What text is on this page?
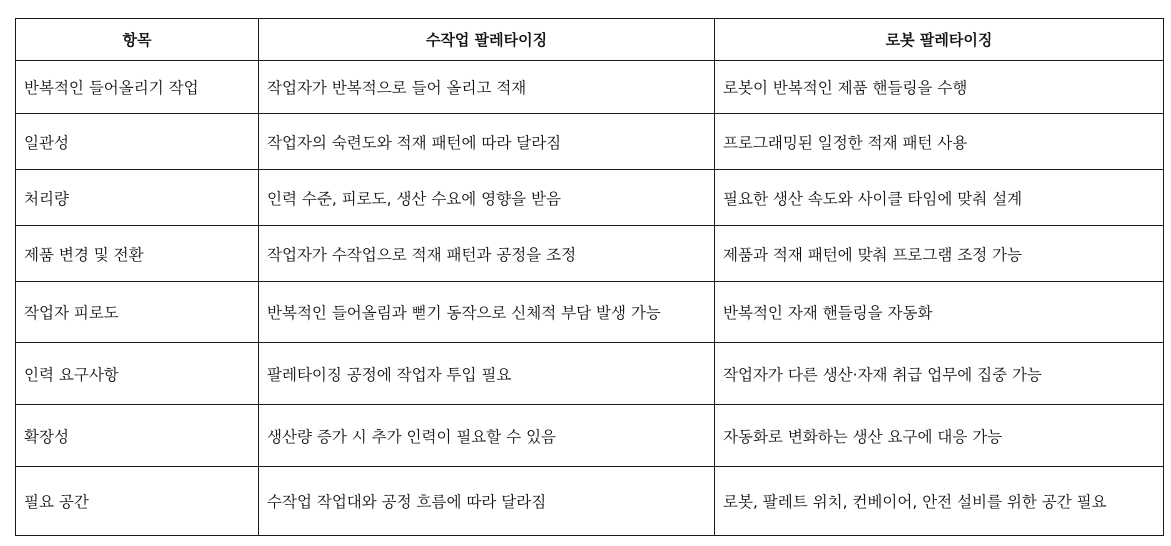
항목	수작업 팔레타이징	로봇 팔레타이징
반복적인 들어올리기 작업	작업자가 반복적으로 들어 올리고 적재	로봇이 반복적인 제품 핸들링을 수행
일관성	작업자의 숙련도와 적재 패턴에 따라 달라짐	프로그래밍된 일정한 적재 패턴 사용
처리량	인력 수준, 피로도, 생산 수요에 영향을 받음	필요한 생산 속도와 사이클 타임에 맞춰 설계
제품 변경 및 전환	작업자가 수작업으로 적재 패턴과 공정을 조정	제품과 적재 패턴에 맞춰 프로그램 조정 가능
작업자 피로도	반복적인 들어올림과 뻗기 동작으로 신체적 부담 발생 가능	반복적인 자재 핸들링을 자동화
인력 요구사항	팔레타이징 공정에 작업자 투입 필요	작업자가 다른 생산·자재 취급 업무에 집중 가능
확장성	생산량 증가 시 추가 인력이 필요할 수 있음	자동화로 변화하는 생산 요구에 대응 가능
필요 공간	수작업 작업대와 공정 흐름에 따라 달라짐	로봇, 팔레트 위치, 컨베이어, 안전 설비를 위한 공간 필요
